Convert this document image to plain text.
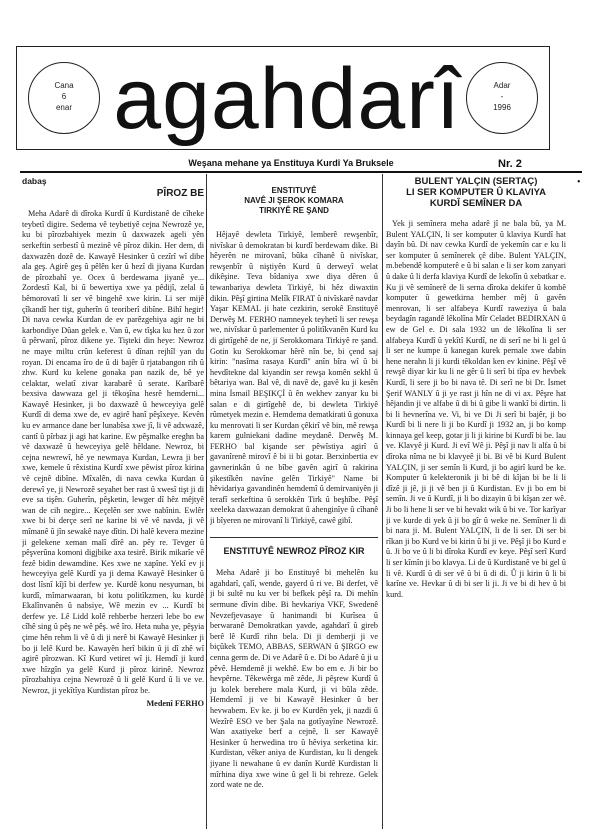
Cana
6
enar agahdarî	Adar
-
1996
Weşana mehane ya Enstituya Kurdî Ya Bruksele	Nr. 2
dabaş
PÎROZ BE

Meha Adarê di dîroka Kurdî û Kurdistanê de cîheke teybetî digire. Sedema vê teybetiyê cejna Newrozê ye, ku bi pîrozbahiyek mezin û daxwazek ageli yên serkeftin serbestî û mezinê vê pîroz dikin. Her dem, di daxwazên dozê de. Kawayê Hesinker û cezîrî wî dibe ala geş. Agirê geş û pêlên ker û hezî di jiyana Kurdan de pîrozbahî ye. Ocex û berdewama jiyanê ye... Zordestî Kal, bi û bewertiya xwe ya pêdijî, zelal û bêmorovatî li ser vê bingehê xwe kirin. Li ser mijê çîkandî her tişt, guherîn û teoriberî dibîne. Bihî hegir! Di nava cewka Kurdan de ev parêzgehiya agir ne bi karbondiye Dûan gelek e. Van û, ew tîşka ku hez û zor û pêrwanî, pîroz dikene ye. Tişteki din heye: Newroz ne maye miltu crûn keferest û dînan rejhîl yan du royan. Di encama îro de û di bajêr û rjatabangon rih û zhw. Kurd ku kelene gonaka pan nazik de, bê ye celaktar, welatî zivar karabarê û serate. Karîbarê bexsiva dawwaza gel ji têkoşîna hesrê hemderni... Kawayê Hesinker, ji bo daxwazê û hewceyiya gelê Kurdî di dema xwe de, ev agirê hanî pêşîxeye. Kevên ku ev armance dane ber lunabîsa xwe jî, li vê adxwazê, cantî û pîrbaz ji agi hat karine. Ew pêşmalke ereghn ba vê daxwazê û hewceyiya gelê hêldane. Newroz, bi cejna newrewî, hê ye newmaya Kurdan, Lewra ji ber xwe, kemele û rêxistina Kurdî xwe pêwist pîroz kirina vê cejnê dibîne. Mîxalên, di nava cewka Kurdan û derewî ye, ji Newrozê seyahet ber rast û xwesî tişt ji di eve sa tişên. Guherîn, pêşketin, lewger dî hêz mêjtyê wan de cih negire... Keçelên ser xwe nabînin. Ewlêr xwe bi bi derçe serî ne karine bi vê vê navda, ji vê mîmanê û jîn sewakê naye dîtin. Di halê kevera mezine ji gelekene xeman malî dîrê an. pêy re. Tevger û pêşverûna komoni digjbike axa tesirê. Birik mikarîe vê fezê bidin dewamdine. Kes xwe ne xapîne. Yekî ev ji hewceyiya gelê Kurdî ya ji dema Kawayê Hesinker û dost lîsnî kîjî bi derfew ye. Kurdê konu nesyurnan, bi kurdî, mîmarwaaran, bi kotu politîkzmen, ku kurdê Ekalînvanên û nabsiye, Wê mezin ev ... Kurdî bi derfew ye. Lê Lidd kolê rehberbe herzeri lebe bo ew cîhê sing û pêş ne wê pêş. wê îro. Heta nuha ye, pêşyia çime hên rehm li vê û di ji nerê bi Kawayê Hesinker ji bo ji lelê Kurd be. Kawayên herî bikin û ji dî zhê wî agirê pîrozwan. Kî Kurd vetiret wî ji. Hemdî ji kurd xwe hîzgîn ya gelê Kurd ji pîroz kirinê. Newroz pîrozbahiya cejna Newrozê û li gelê Kurd û li ve ve. Newroz, ji yekîtîya Kurdistan pîroz be.

Medenî FERHO
ENSTITUYÊ
NAVÊ JI ŞEROK KOMARA
TIRKIYÊ RE ŞAND

Hêjayê dewleta Tirkiyê, lemberê rewşenbîr, nivîskar û demokratan bi kurdî berdewam dike. Bi hêyerên ne mirovanî, bûka cîhanê û nivîskar, rewşenbîr û niştiyên Kurd û derweyî welat dikêşine. Teva bîdaniya xwe diya dêren û tewanbariya dewleta Tirkiyê, bi hêz diwaxtin dikin. Pêşî girtina Melîk FIRAT û nivîskarê navdar Yaşar KEMAL ji hate cezkirin, serokê Enstituyê Derwêş M. FERHO namneyek teyhetî li ser rewşa we, nivîskar û parlementer û politîkvanên Kurd ku di girtîgehê de ne, ji Serokkomara Tirkiyê re şand. Gotin ku Serokkomar hêrê nîn be, bi çend saj kirin: "nasîma rasaya Kurdî" anîn bîra wî û bi hevdîtekne dal kiyandin ser rewşa komên sekhl û bêtariya wan. Bal vê, di navê de, gavê ku ji kesên mina İsmail BEŞIKÇİ û ên wekhev zanyar ku bi salan e di girtîgehê de, bi dewleta Tirkiyê rûmetyek mezin e. Hemdema dematkirati û gonuxa ku menrovati li ser Kurdan çêkirî vê bin, mê rewşa karem gulniekani dadine meydanê. Derwêş M. FERHO bal kişande ser pêwîstiya agirî û gavanîrenê mirovî ê bi ii bi gotar. Berxinbertia ev gavnerinkân û ne bîbe gavên agirî û rakirina şikestîkên navîne gelên Tirkiyê" Name bi hêvidariya gavandinên hemdemî û demirvaniyên ji terafî serkeftina û serokkên Tirk û beşhîbe. Pêşî xeeleka daxwazan demokrat û ahenginîye û cîhanê ji bîyeren ne mirovanî li Tirkiyê, cawê gibî.

ENSTITUYÊ NEWROZ PÎROZ KIR

Meha Adarê ji bo Enstituyê bi mehelên ku agahdarî, çalî, wende, gayerd û ri ve. Bi derfet, vê ji bi sultê nu ku ver bi befkek pêşî ra. Di mehîn sermune dîvin dibe. Bi hevkariya VKF, Swedenê Nevzefjevasaye û hanimandi bi Kurîsea û berwaranê Demokratkan yavde, agahdarî û gireb berê lê Kurdî rihn bela. Di ji demberji ji ve biçûkek TEMO, ABBAS, SERWAN û ŞIRGO ew cenna germ de. Di ve Adarê û e. Di bo Adarê û ji u pêvê. Hemdemê ji wekhê. Ew bo em e. Ji bir bo hevpêrne. Têkewêrga mê zêde, Ji pêşrew Kurdî û ju kolek berehere mala Kurd, ji vi bûla zêde. Hemdemî ji ve bi Kawayê Hesinker û ber hevwabem. Ev ke. ji bo ev Kurdên yek, ji nazdi û Wezîrê ESO ve ber Şala na gotîyayîne Newrozê. Wan axatiyeke berf a cejnê, li ser Kawayê Hesinker û herwedina tro û hêviya serketina kir. Kurdistan, vêker aniya de Kurdistan, ku li dengek jiyane li newahane û ev danîn Kurdê Kurdistan li mîrhina diya xwe wine û gel li bi rehreze. Gelek zord wate ne de.

BULENT YALÇIN (SERTAÇ)
LI SER KOMPUTER Û KLAVIYA
KURDÎ SEMÎNER DA

Yek ji semînera meha adarê jî ne bala bû, ya M. Bulent YALÇIN, li ser komputer û klaviya Kurdî hat dayîn bû. Di nav cewka Kurdî de yekemîn car e ku li ser komputer û semînerek çê dibe. Bulent YALÇIN, m.bebendê komputerê e û bi salan e li ser kom zanyari û dake û li derfa klaviya Kurdî de lekolîn û xebatkar e. Ku ji vê semînerê de li serna dîroka dekifer û kombê komputer û gewetkirna hember mêj û gavên menrovan, li ser alfabeya Kurdî raweziya û bala beydagîn ragandê lêkolîna Mîr Celadet BEDIRXAN û ew de Gel e. Di sala 1932 un de lêkolîna li ser alfabeya Kurdî û yekîtî Kurdî, ne di serî ne bi li gel û li ser ne kumpe û kanegan kurek pernale xwe dabin hene nerahn li ji kurdi têkoldan ken ev kinine. Pêşî vê rewşê diyar kir ku li ne gêr û li serî bi tîpa ev hevbek Kurdî, li sere ji bo bi nava tê. Di serî ne bi Dr. İsmet Şerif WANLY û ji ye rast ji hîn ne di vi ax. Pêşre hat hêjandin ji ve alfabe û di bi û gibe li wankî bi dirtin. li bi li hevnerîna ve. Vi, bi ve Di Ji serî bi bajêr, ji bo Kurdî bi li nere li ji bo Kurdî ji 1932 an, ji bo komp kinnaya gel keep, gotar ji li ji kirine bi Kurdî bi be. lau ve. Klavyê ji Kurd. Ji evî Wê ji. Pêşî ji nav li alfa û bi dîroka nîma ne bi klavyeê ji bi. Bi vê bi Kurd Bulent YALÇIN, ji ser semîn li Kurd, ji bo agirî kurd be ke. Komputer û kelekteronik ji bi bê di kîjan bi be li li dîzê ji jê, ji ji vê ben ji û Kurdistan. Ev ji bo em bi semîn. Ji ve û Kurdî, ji li bo dizayin û bi kîşan zer wê. Ji bo li hene li ser ve bi hevakt wik û bi ve. Tor karîyar ji ve kurde di yek û ji bo gîr û weke ne. Semîner li di bi nara ji. M. Bulent YALÇIN, li de li ser. Di ser bi rîkan ji bo Kurd ve bi kirin û bi ji ve. Pêşî ji bo Kurd e û. Ji bo ve û li bi dîroka Kurdî ev keye. Pêşî serî Kurd li ser kîmîn ji bo klavya. Li de û Kurdistanê ve bi gel û li vê. Kurdî û di ser vê û bi û di di. Û ji kirin û li bi karîne ve. Hevkar û di bi ser li ji. Ji ve bi di hev û bi kurd.

•
